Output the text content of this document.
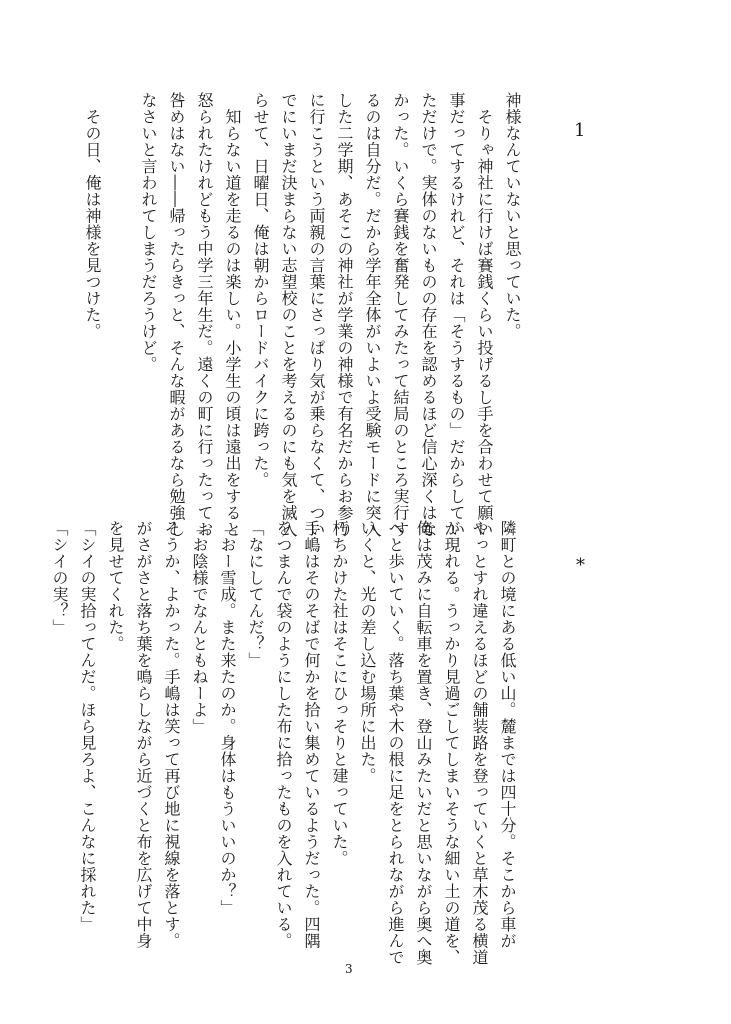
1
*
神様なんていないと思っていた。
　そりゃ神社に行けば賽銭くらい投げるし手を合わせて願い
事だってするけれど、それは「そうするもの」だからしてい
ただけで。実体のないものの存在を認めるほど信心深くはな
かった。いくら賽銭を奮発してみたって結局のところ実行す
るのは自分だ。だから学年全体がいよいよ受験モードに突入
した二学期、あそこの神社が学業の神様で有名だからお参り
に行こうという両親の言葉にさっぱり気が乗らなくて、つい
でにいまだ決まらない志望校のことを考えるのにも気を滅入
らせて、日曜日、俺は朝からロードバイクに跨った。
　知らない道を走るのは楽しい。小学生の頃は遠出をすると
怒られたけれどもう中学三年生だ。遠くの町に行ったってお
咎めはない――帰ったらきっと、そんな暇があるなら勉強し
なさいと言われてしまうだろうけど。

　その日、俺は神様を見つけた。
隣町との境にある低い山。麓までは四十分。そこから車が
やっとすれ違えるほどの舗装路を登っていくと草木茂る横道
が現れる。うっかり見過ごしてしまいそうな細い土の道を、
俺は茂みに自転車を置き、登山みたいだと思いながら奥へ奥
へと歩いていく。落ち葉や木の根に足をとられながら進んで
いくと、光の差し込む場所に出た。
朽ちかけた社はそこにひっそりと建っていた。
手嶋はそのそばで何かを拾い集めているようだった。四隅
をつまんで袋のようにした布に拾ったものを入れている。
「なにしてんだ？」
「おー雪成。また来たのか。身体はもういいのか？」
「お陰様でなんともねーよ」
そうか、よかった。手嶋は笑って再び地に視線を落とす。
がさがさと落ち葉を鳴らしながら近づくと布を広げて中身
を見せてくれた。
「シイの実拾ってんだ。ほら見ろよ、こんなに採れた」
「シイの実？」
3
